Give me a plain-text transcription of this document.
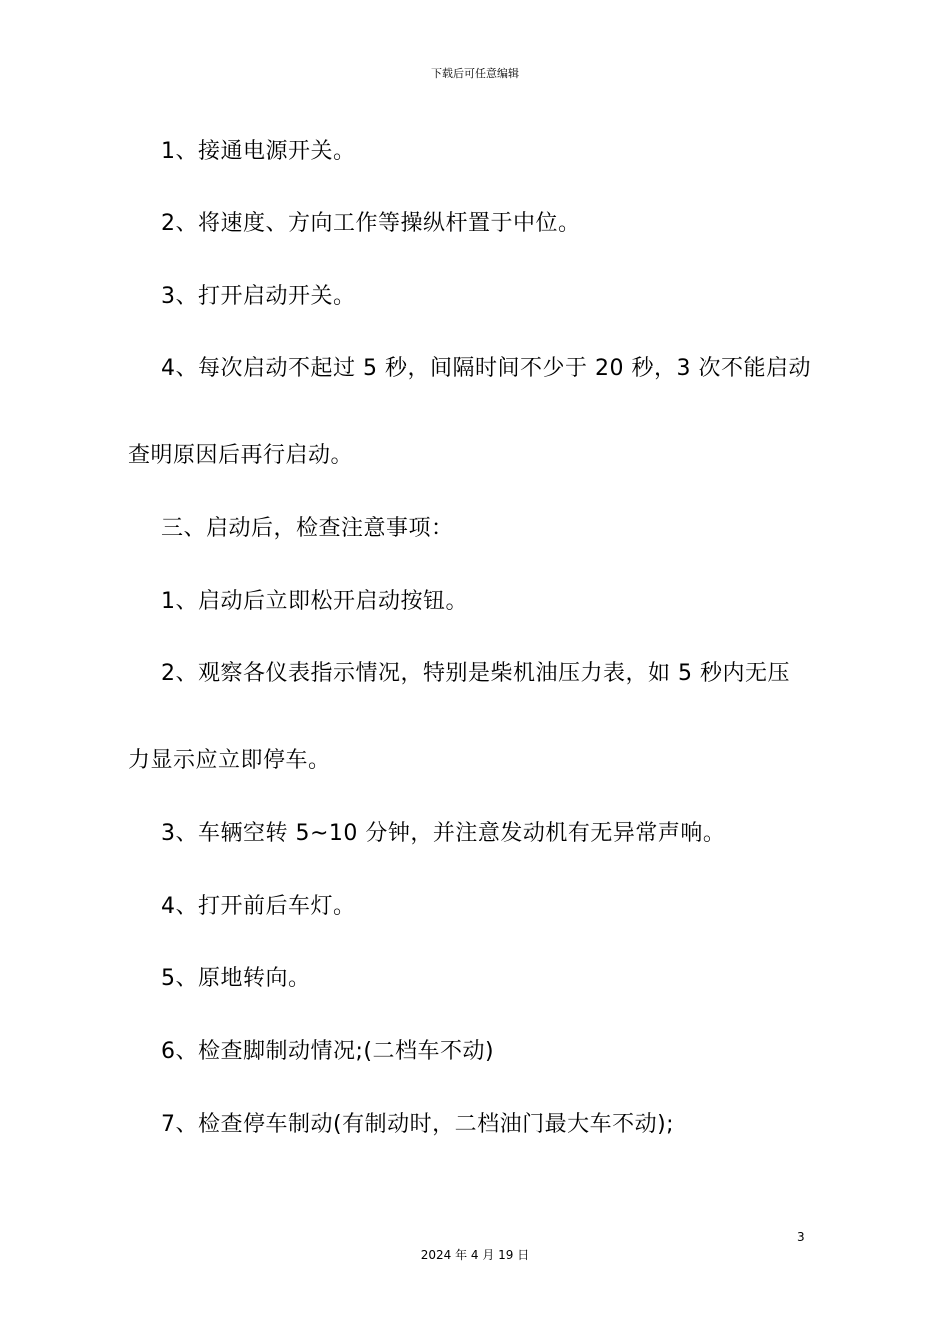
下载后可任意编辑
1、接通电源开关。
2、将速度、方向工作等操纵杆置于中位。
3、打开启动开关。
4、每次启动不起过 5 秒，间隔时间不少于 20 秒，3 次不能启动
查明原因后再行启动。
三、启动后，检查注意事项：
1、启动后立即松开启动按钮。
2、观察各仪表指示情况，特别是柴机油压力表，如 5 秒内无压
力显示应立即停车。
3、车辆空转 5~10 分钟，并注意发动机有无异常声响。
4、打开前后车灯。
5、原地转向。
6、检查脚制动情况;(二档车不动)
7、检查停车制动(有制动时，二档油门最大车不动);
3
2024 年 4 月 19 日
